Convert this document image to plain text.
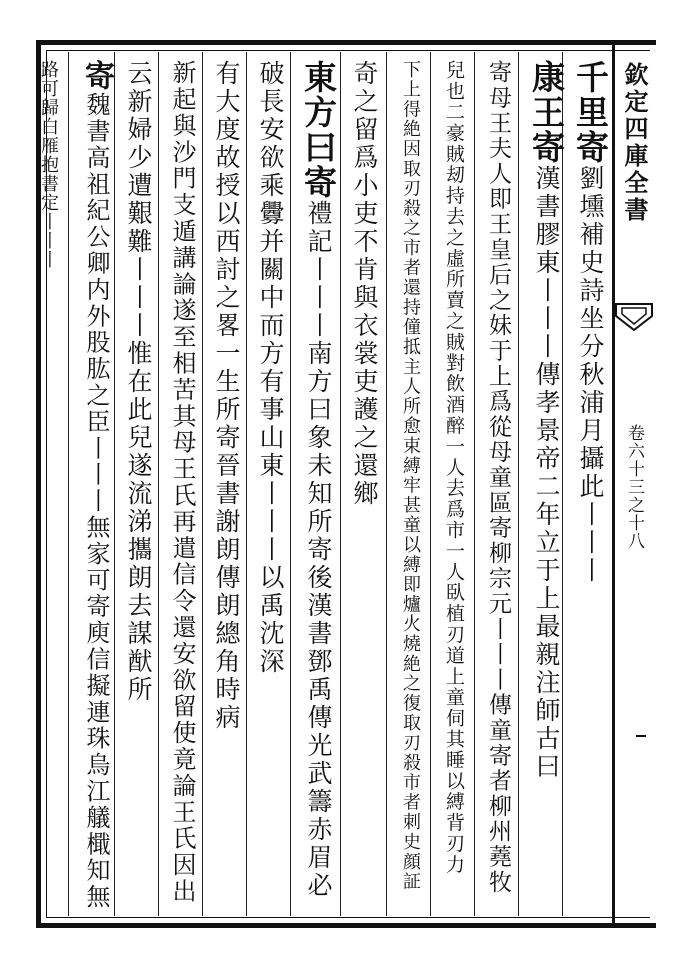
欽定四庫全書
卷六十三之十八
千里寄劉壎補史詩坐分秋浦月攝此丨丨丨
康王寄漢書膠東丨丨丨傳孝景帝二年立于上最親注師古曰
寄母王夫人即王皇后之妹于上爲從母童區寄柳宗元丨丨丨傳童寄者柳州蕘牧
兒也二豪賊刼持去之虛所賣之賊對飲酒醉一人去爲市一人臥植刃道上童伺其睡以縛背刃力
下上得絶因取刃殺之市者還持僮抵主人所愈束縛牢甚童以縛即爐火燒絶之復取刃殺市者刺史顔証
奇之留爲小吏不肯與衣裳吏護之還鄉
東方曰寄禮記丨丨丨南方曰象未知所寄後漢書鄧禹傳光武籌赤眉必
破長安欲乘釁并關中而方有事山東丨丨丨以禹沈深
有大度故授以西討之畧一生所寄晉書謝朗傳朗總角時病
新起與沙門支遁講論遂至相苦其母王氏再遣信令還安欲留使竟論王氏因出
云新婦少遭艱難丨丨丨惟在此兒遂流涕攜朗去謀猷所
寄魏書高祖紀公卿内外股肱之臣丨丨丨無家可寄庾信擬連珠烏江艤檝知無
路可歸白雁抱書定丨丨丨
